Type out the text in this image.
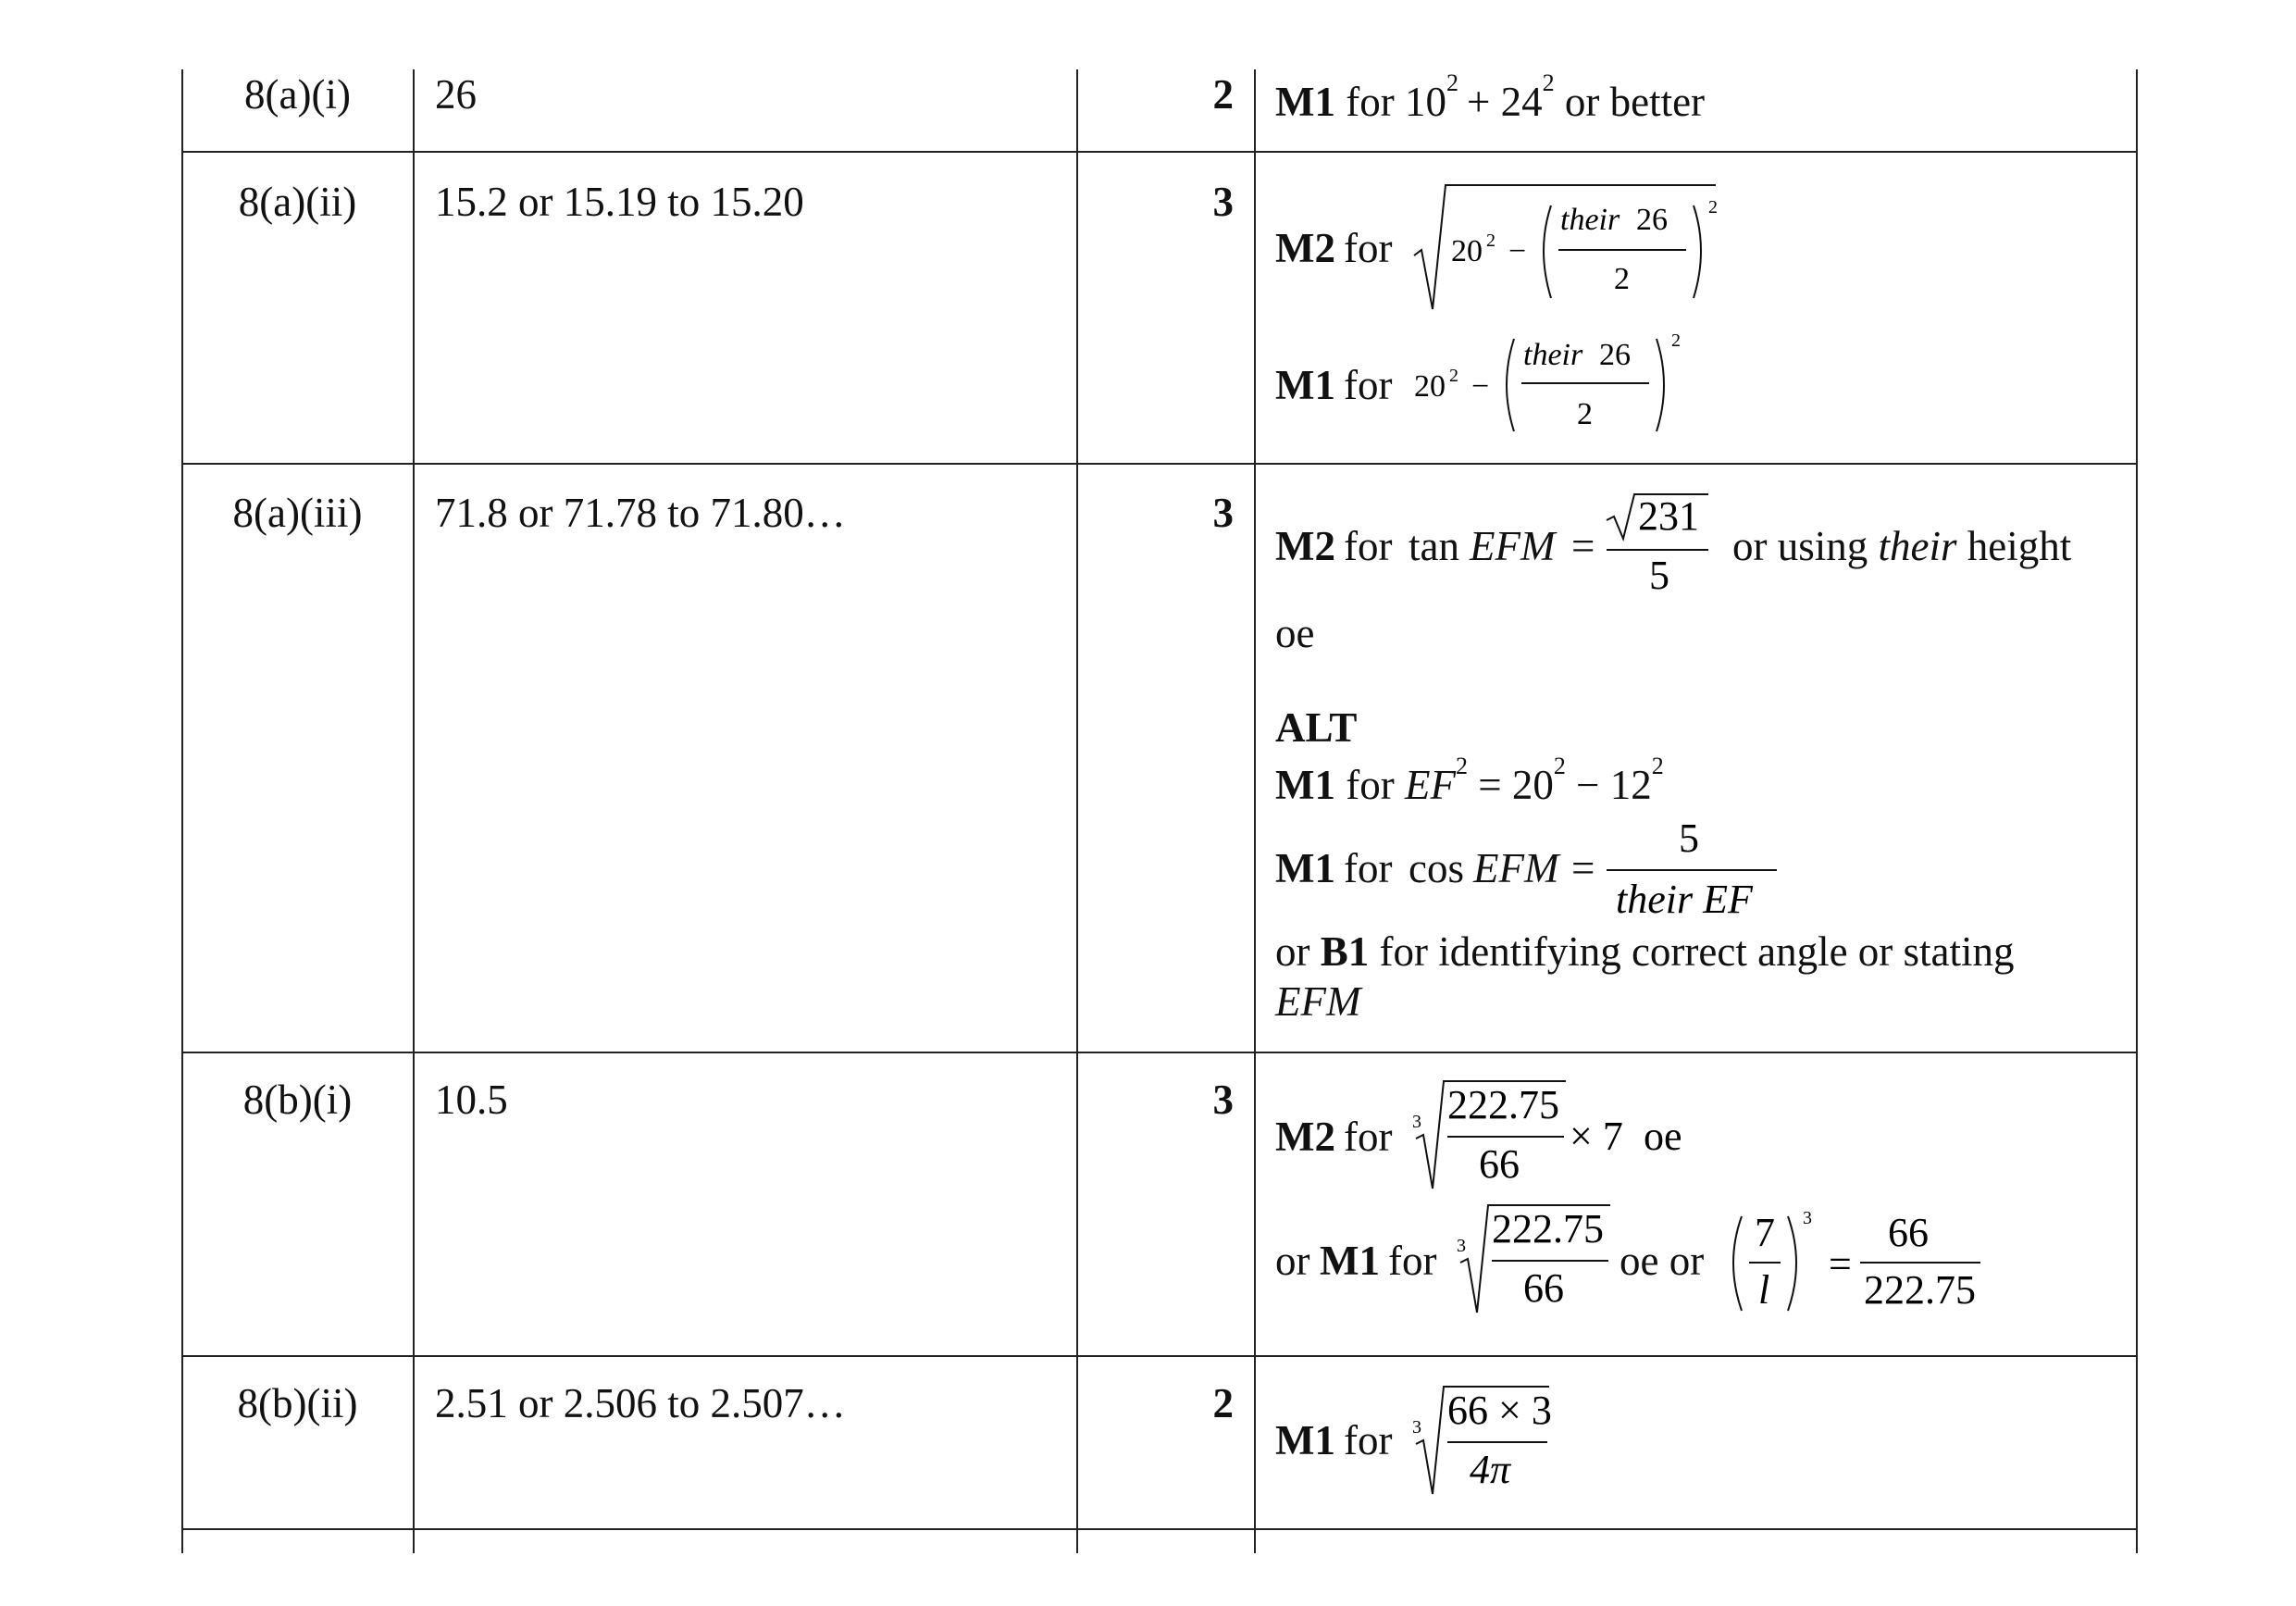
8(a)(i)	26	2 M1 for $10^2 + 24^2$ or better
8(a)(ii)	15.2 or 15.19 to 15.20	3
M2 for 20 2 −
their 26
2
2
M1 for 20 2 −
their 26
2
2
8(a)(iii)	71.8 or 71.78 to 71.80…	3
M2 for tan EFM =
231
5
or using their height
oe
ALT
M1 for $EF^2 = 20^2 - 12^2$
M1 for cos EFM =
5
their EF
or B1 for identifying correct angle or stating
EFM
8(b)(i)	10.5	3
M2 for 3 222.75
66
× 7 oe
or M1 for 3 222.75
66
oe or
7
l
3
=
66
222.75
8(b)(ii)	2.51 or 2.506 to 2.507…	2
M1 for 3 66 × 3
4π
